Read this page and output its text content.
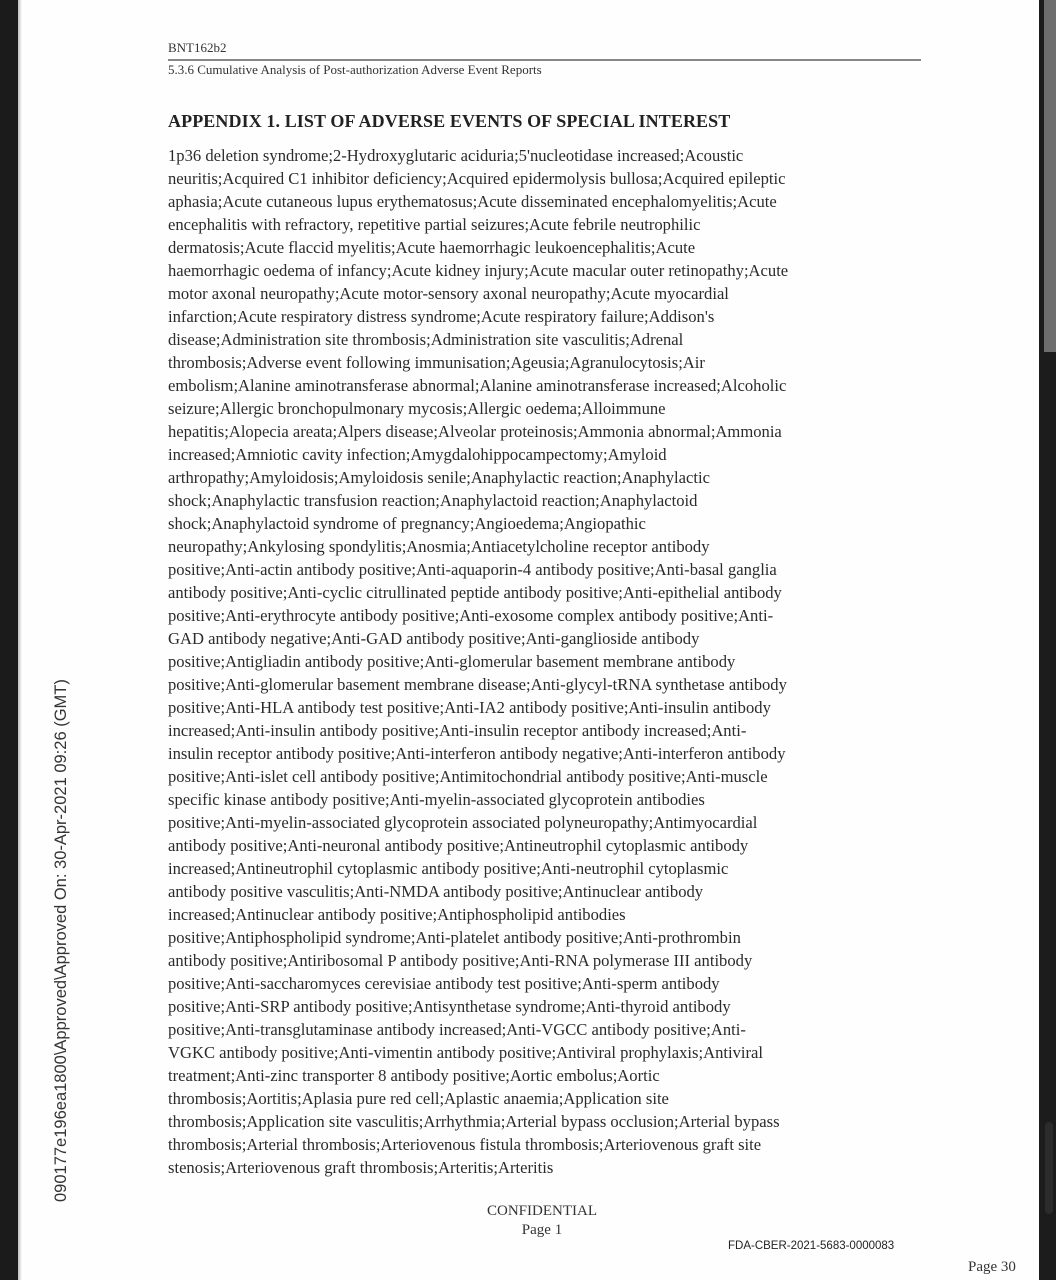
BNT162b2
5.3.6 Cumulative Analysis of Post-authorization Adverse Event Reports
APPENDIX 1. LIST OF ADVERSE EVENTS OF SPECIAL INTEREST
1p36 deletion syndrome;2-Hydroxyglutaric aciduria;5'nucleotidase increased;Acoustic
neuritis;Acquired C1 inhibitor deficiency;Acquired epidermolysis bullosa;Acquired epileptic
aphasia;Acute cutaneous lupus erythematosus;Acute disseminated encephalomyelitis;Acute
encephalitis with refractory, repetitive partial seizures;Acute febrile neutrophilic
dermatosis;Acute flaccid myelitis;Acute haemorrhagic leukoencephalitis;Acute
haemorrhagic oedema of infancy;Acute kidney injury;Acute macular outer retinopathy;Acute
motor axonal neuropathy;Acute motor-sensory axonal neuropathy;Acute myocardial
infarction;Acute respiratory distress syndrome;Acute respiratory failure;Addison's
disease;Administration site thrombosis;Administration site vasculitis;Adrenal
thrombosis;Adverse event following immunisation;Ageusia;Agranulocytosis;Air
embolism;Alanine aminotransferase abnormal;Alanine aminotransferase increased;Alcoholic
seizure;Allergic bronchopulmonary mycosis;Allergic oedema;Alloimmune
hepatitis;Alopecia areata;Alpers disease;Alveolar proteinosis;Ammonia abnormal;Ammonia
increased;Amniotic cavity infection;Amygdalohippocampectomy;Amyloid
arthropathy;Amyloidosis;Amyloidosis senile;Anaphylactic reaction;Anaphylactic
shock;Anaphylactic transfusion reaction;Anaphylactoid reaction;Anaphylactoid
shock;Anaphylactoid syndrome of pregnancy;Angioedema;Angiopathic
neuropathy;Ankylosing spondylitis;Anosmia;Antiacetylcholine receptor antibody
positive;Anti-actin antibody positive;Anti-aquaporin-4 antibody positive;Anti-basal ganglia
antibody positive;Anti-cyclic citrullinated peptide antibody positive;Anti-epithelial antibody
positive;Anti-erythrocyte antibody positive;Anti-exosome complex antibody positive;Anti-
GAD antibody negative;Anti-GAD antibody positive;Anti-ganglioside antibody
positive;Antigliadin antibody positive;Anti-glomerular basement membrane antibody
positive;Anti-glomerular basement membrane disease;Anti-glycyl-tRNA synthetase antibody
positive;Anti-HLA antibody test positive;Anti-IA2 antibody positive;Anti-insulin antibody
increased;Anti-insulin antibody positive;Anti-insulin receptor antibody increased;Anti-
insulin receptor antibody positive;Anti-interferon antibody negative;Anti-interferon antibody
positive;Anti-islet cell antibody positive;Antimitochondrial antibody positive;Anti-muscle
specific kinase antibody positive;Anti-myelin-associated glycoprotein antibodies
positive;Anti-myelin-associated glycoprotein associated polyneuropathy;Antimyocardial
antibody positive;Anti-neuronal antibody positive;Antineutrophil cytoplasmic antibody
increased;Antineutrophil cytoplasmic antibody positive;Anti-neutrophil cytoplasmic
antibody positive vasculitis;Anti-NMDA antibody positive;Antinuclear antibody
increased;Antinuclear antibody positive;Antiphospholipid antibodies
positive;Antiphospholipid syndrome;Anti-platelet antibody positive;Anti-prothrombin
antibody positive;Antiribosomal P antibody positive;Anti-RNA polymerase III antibody
positive;Anti-saccharomyces cerevisiae antibody test positive;Anti-sperm antibody
positive;Anti-SRP antibody positive;Antisynthetase syndrome;Anti-thyroid antibody
positive;Anti-transglutaminase antibody increased;Anti-VGCC antibody positive;Anti-
VGKC antibody positive;Anti-vimentin antibody positive;Antiviral prophylaxis;Antiviral
treatment;Anti-zinc transporter 8 antibody positive;Aortic embolus;Aortic
thrombosis;Aortitis;Aplasia pure red cell;Aplastic anaemia;Application site
thrombosis;Application site vasculitis;Arrhythmia;Arterial bypass occlusion;Arterial bypass
thrombosis;Arterial thrombosis;Arteriovenous fistula thrombosis;Arteriovenous graft site
stenosis;Arteriovenous graft thrombosis;Arteritis;Arteritis
CONFIDENTIAL
Page 1
FDA-CBER-2021-5683-0000083
Page 30
090177e196ea1800\Approved\Approved On: 30-Apr-2021 09:26 (GMT)
